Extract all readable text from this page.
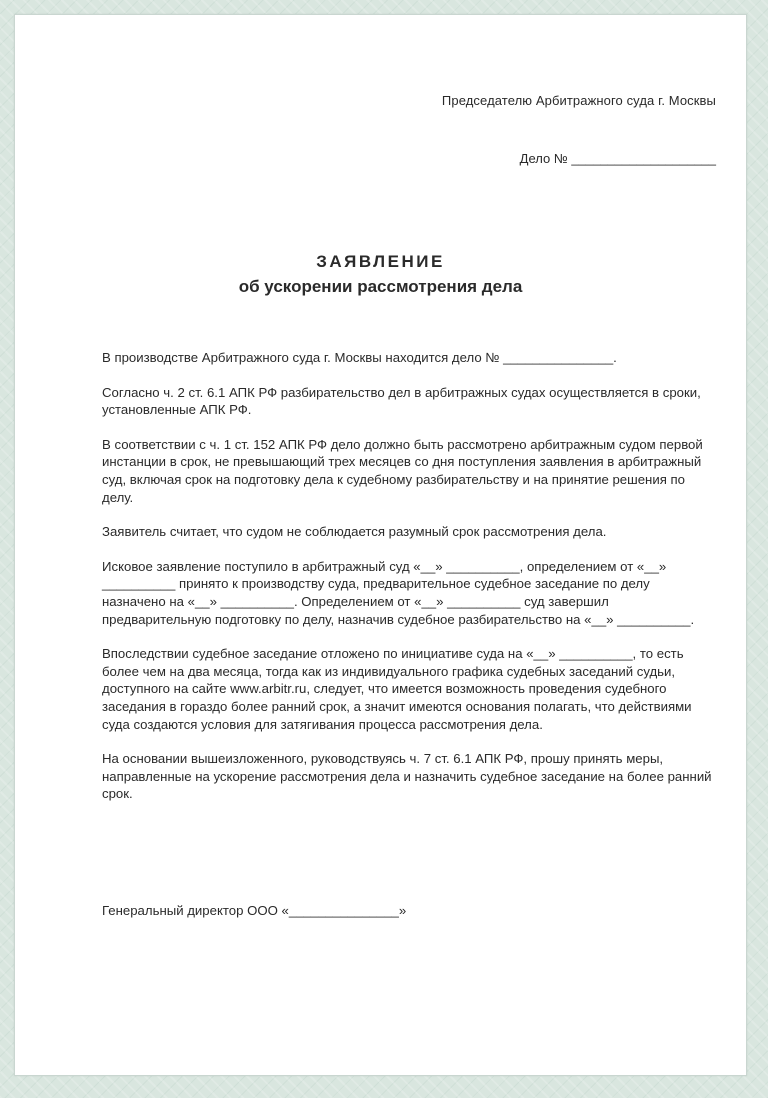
Председателю Арбитражного суда г. Москвы
Дело № ____________________
ЗАЯВЛЕНИЕ
об ускорении рассмотрения дела

В производстве Арбитражного суда г. Москвы находится дело № _______________.

Согласно ч. 2 ст. 6.1 АПК РФ разбирательство дел в арбитражных судах осуществляется в сроки, установленные АПК РФ.

В соответствии с ч. 1 ст. 152 АПК РФ дело должно быть рассмотрено арбитражным судом первой инстанции в срок, не превышающий трех месяцев со дня поступления заявления в арбитражный суд, включая срок на подготовку дела к судебному разбирательству и на принятие решения по делу.

Заявитель считает, что судом не соблюдается разумный срок рассмотрения дела.

Исковое заявление поступило в арбитражный суд «__» __________, определением от «__» __________ принято к производству суда, предварительное судебное заседание по делу назначено на «__» __________. Определением от «__» __________ суд завершил предварительную подготовку по делу, назначив судебное разбирательство на «__» __________.

Впоследствии судебное заседание отложено по инициативе суда на «__» __________, то есть более чем на два месяца, тогда как из индивидуального графика судебных заседаний судьи, доступного на сайте www.arbitr.ru, следует, что имеется возможность проведения судебного заседания в гораздо более ранний срок, а значит имеются основания полагать, что действиями суда создаются условия для затягивания процесса рассмотрения дела.

На основании вышеизложенного, руководствуясь ч. 7 ст. 6.1 АПК РФ, прошу принять меры, направленные на ускорение рассмотрения дела и назначить судебное заседание на более ранний срок.

Генеральный директор ООО «_______________»
